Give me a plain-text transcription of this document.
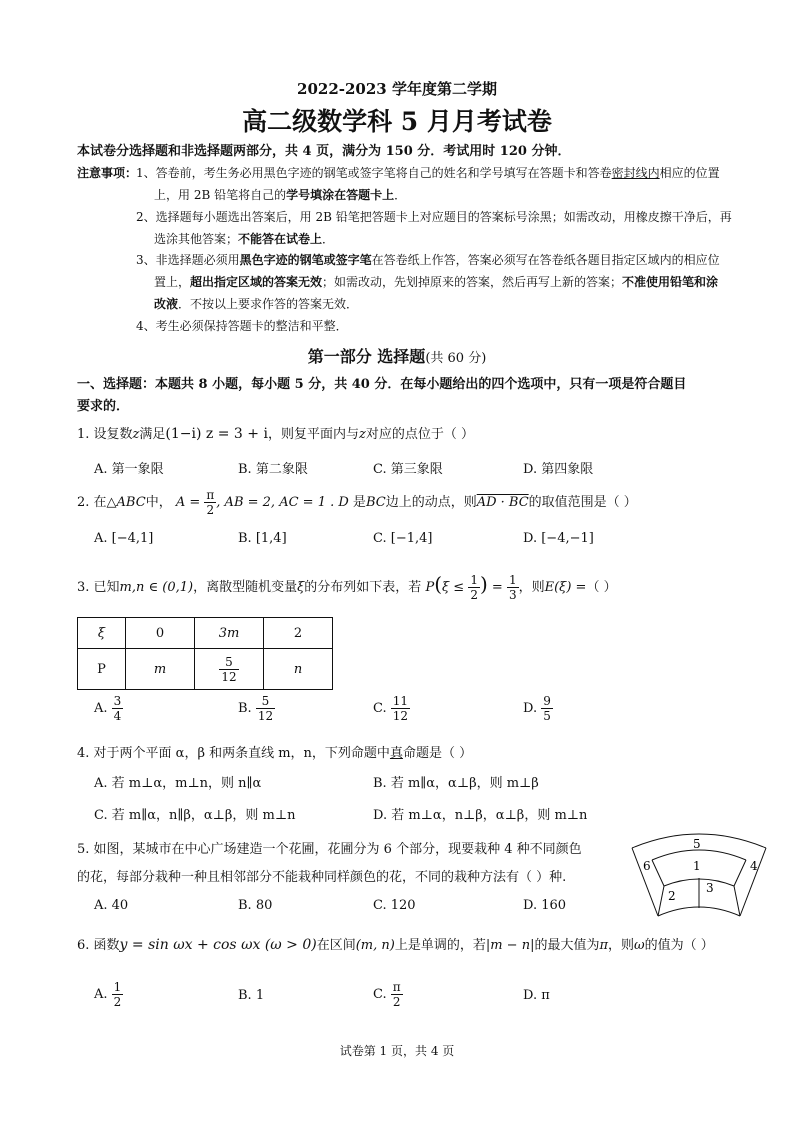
2022-2023 学年度第二学期
高二级数学科 5 月月考试卷
本试卷分选择题和非选择题两部分，共 4 页，满分为 150 分．考试用时 120 分钟．
注意事项：
1、答卷前，考生务必用黑色字迹的钢笔或签字笔将自己的姓名和学号填写在答题卡和答卷密封线内相应的位置
上，用 2B 铅笔将自己的学号填涂在答题卡上．
2、选择题每小题选出答案后，用 2B 铅笔把答题卡上对应题目的答案标号涂黑；如需改动，用橡皮擦干净后，再
选涂其他答案；不能答在试卷上．
3、非选择题必须用黑色字迹的钢笔或签字笔在答卷纸上作答，答案必须写在答卷纸各题目指定区域内的相应位
置上，超出指定区域的答案无效；如需改动，先划掉原来的答案，然后再写上新的答案；不准使用铅笔和涂
改液．不按以上要求作答的答案无效．
4、考生必须保持答题卡的整洁和平整．
第一部分 选择题(共 60 分)
一、选择题：本题共 8 小题，每小题 5 分，共 40 分．在每小题给出的四个选项中，只有一项是符合题目
要求的．
1. 设复数z满足(1−i) z = 3 + i，则复平面内与z对应的点位于（ ）
A. 第一象限	B. 第二象限	C. 第三象限	D. 第四象限
2. 在△ABC中， $A = \frac{\pi}{2}$ , AB = 2, AC = 1 . D 是BC边上的动点，则AD · BC的取值范围是（ ）
A. [−4,1]	B. [1,4]	C. [−1,4]	D. [−4,−1]
3. 已知m,n ∈ (0,1)，离散型随机变量ξ的分布列如下表，若 $P(\xi \le \frac{1}{2}$ ) = $\frac{1}{3}$ ，则E(ξ) =（ ）
ξ	0	3m	2
P	m	$\frac{5}{12}$	n
A. $\frac{3}{4}$	B. $\frac{5}{12}$	C. $\frac{11}{12}$	D. $\frac{9}{5}$
4. 对于两个平面 α，β 和两条直线 m，n，下列命题中真命题是（ ）
A. 若 m⊥α，m⊥n，则 n∥α	B. 若 m∥α，α⊥β，则 m⊥β
C. 若 m∥α，n∥β，α⊥β，则 m⊥n	D. 若 m⊥α，n⊥β，α⊥β，则 m⊥n
5. 如图，某城市在中心广场建造一个花圃，花圃分为 6 个部分，现要栽种 4 种不同颜色
的花，每部分栽种一种且相邻部分不能栽种同样颜色的花，不同的栽种方法有（ ）种.
A. 40	B. 80	C. 120	D. 160
5
1
6	4
2
3
6. 函数y = sin ωx + cos ωx (ω > 0)在区间(m, n)上是单调的，若|m − n|的最大值为π，则ω的值为（ ）
A. $\frac{1}{2}$	B. 1	C. $\frac{\pi}{2}$	D. π
试卷第 1 页，共 4 页
